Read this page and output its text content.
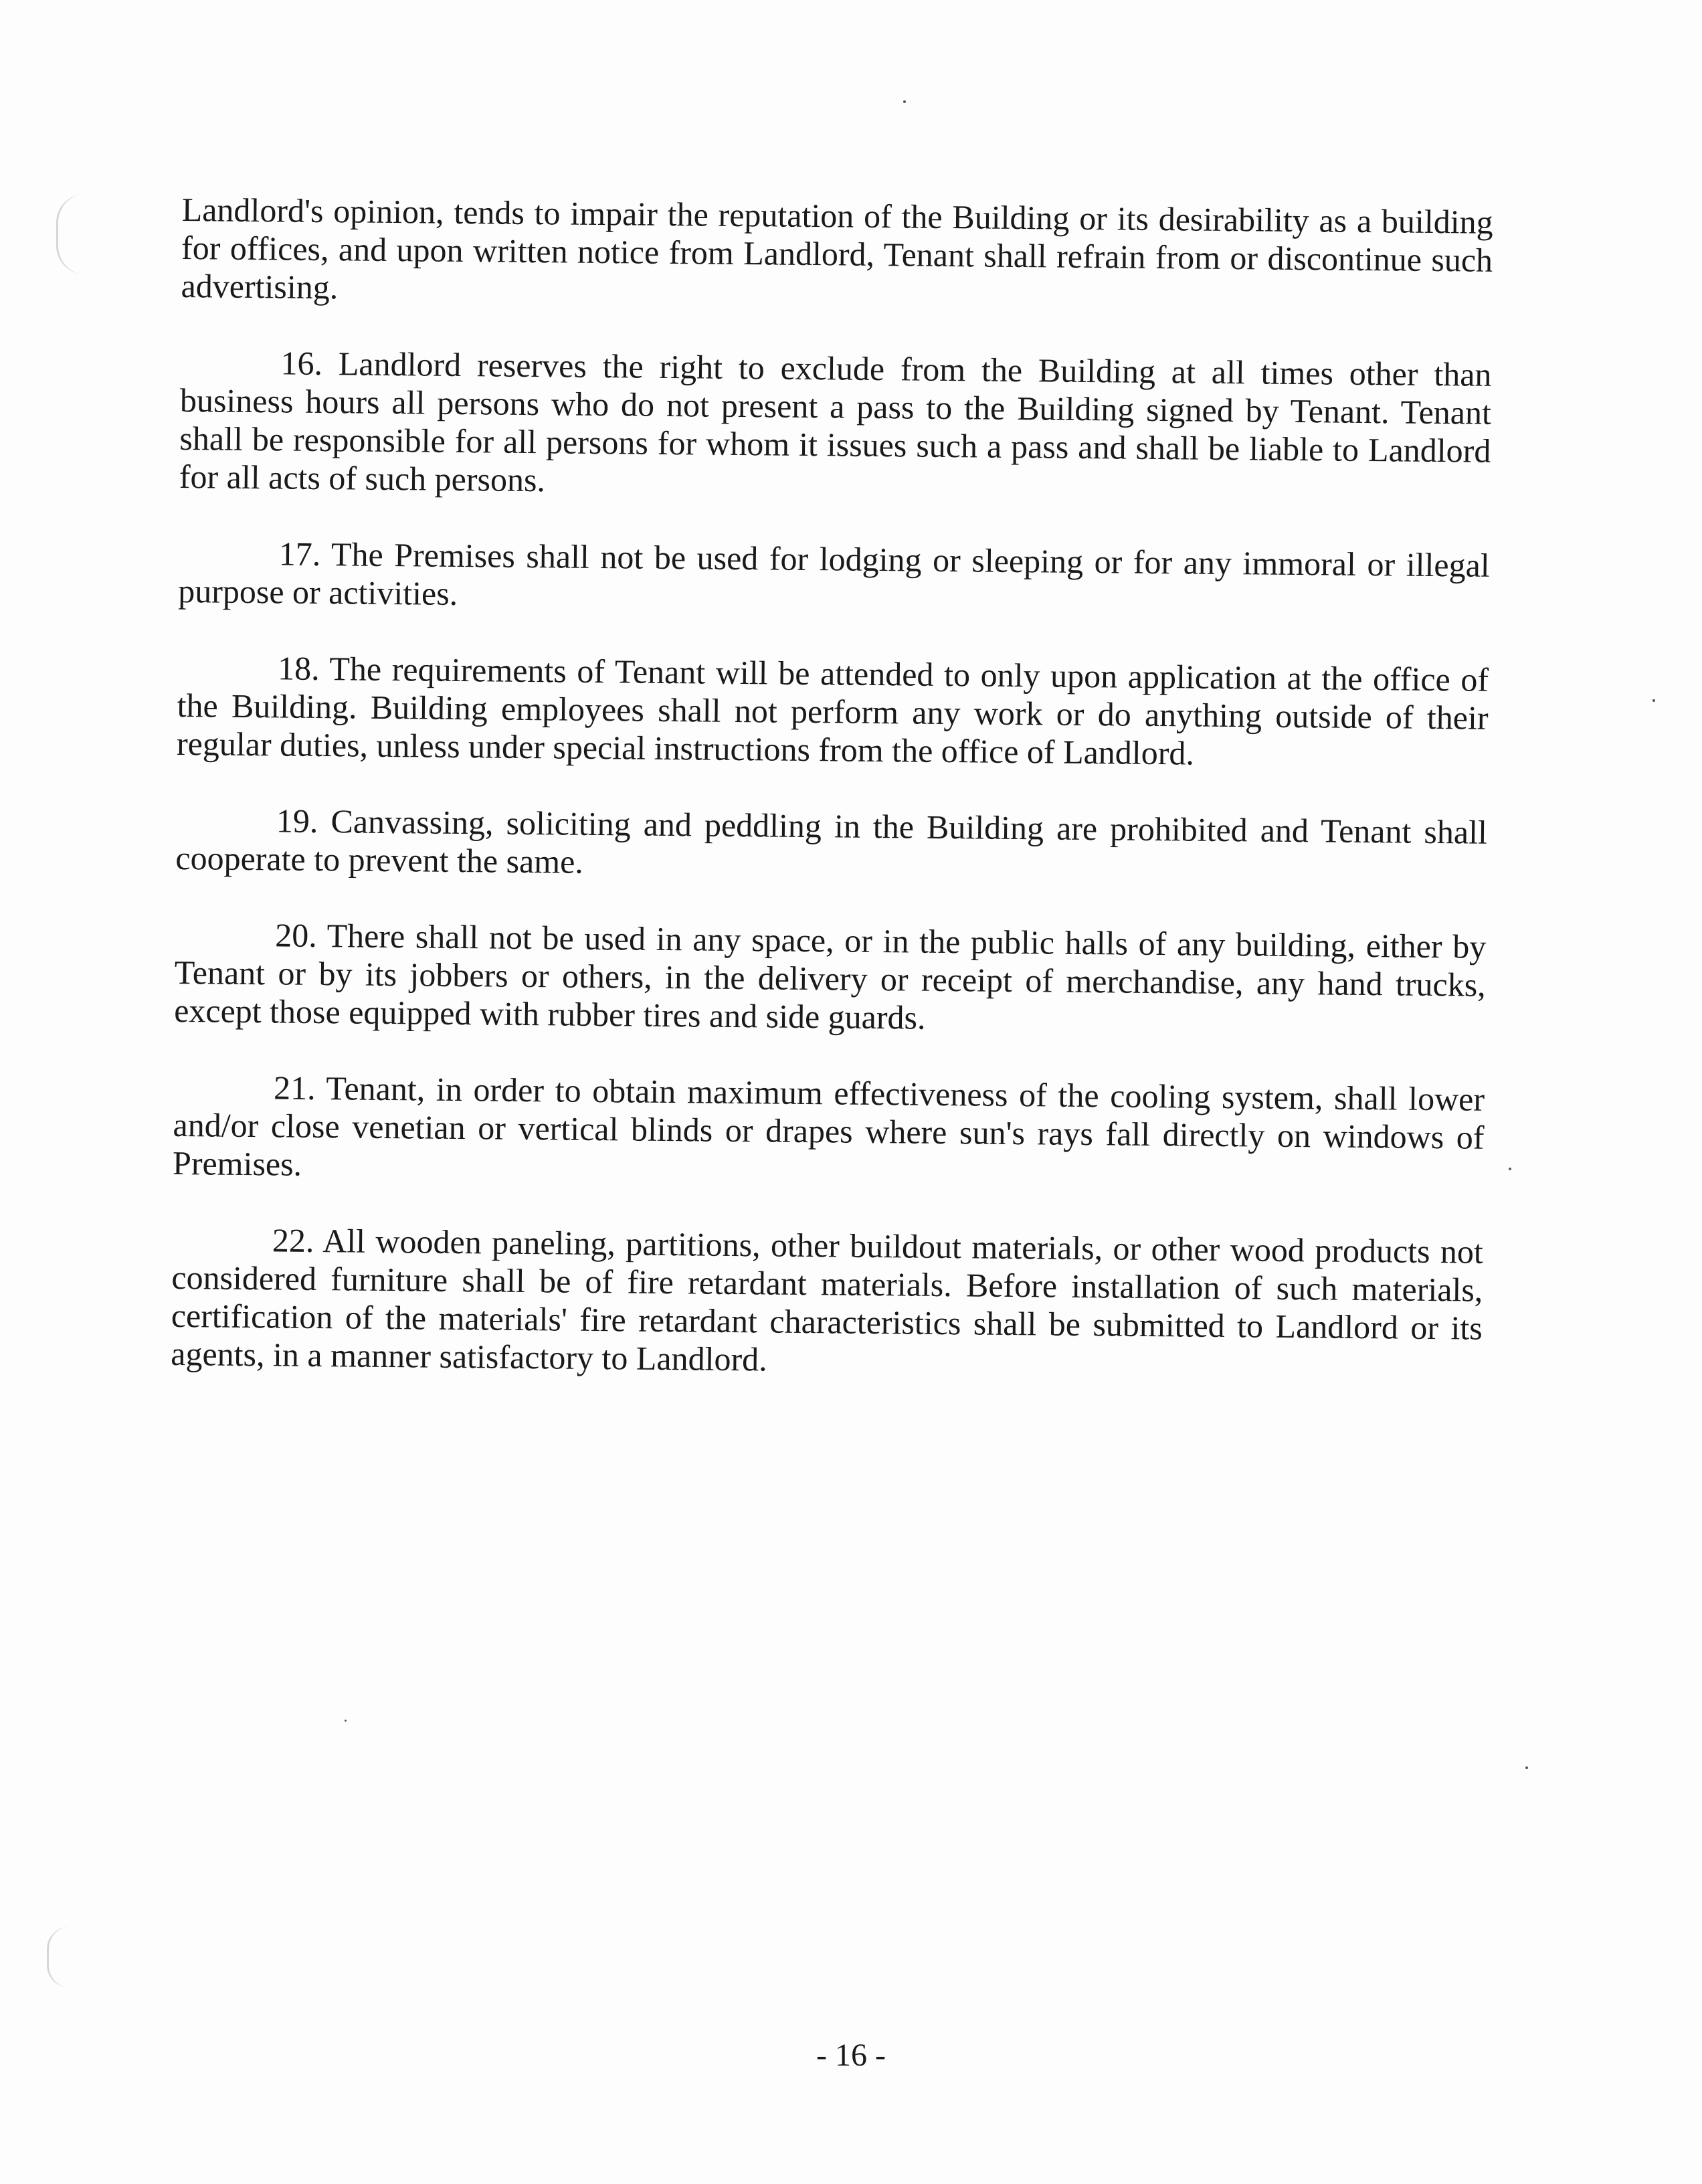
Landlord's opinion, tends to impair the reputation of the Building or its desirability as a building for offices, and upon written notice from Landlord, Tenant shall refrain from or discontinue such advertising.

16. Landlord reserves the right to exclude from the Building at all times other than business hours all persons who do not present a pass to the Building signed by Tenant. Tenant shall be responsible for all persons for whom it issues such a pass and shall be liable to Landlord for all acts of such persons.

17. The Premises shall not be used for lodging or sleeping or for any immoral or illegal purpose or activities.

18. The requirements of Tenant will be attended to only upon application at the office of the Building. Building employees shall not perform any work or do anything outside of their regular duties, unless under special instructions from the office of Landlord.

19. Canvassing, soliciting and peddling in the Building are prohibited and Tenant shall cooperate to prevent the same.

20. There shall not be used in any space, or in the public halls of any building, either by Tenant or by its jobbers or others, in the delivery or receipt of merchandise, any hand trucks, except those equipped with rubber tires and side guards.

21. Tenant, in order to obtain maximum effectiveness of the cooling system, shall lower and/or close venetian or vertical blinds or drapes where sun's rays fall directly on windows of Premises.

22. All wooden paneling, partitions, other buildout materials, or other wood products not considered furniture shall be of fire retardant materials. Before installation of such materials, certification of the materials' fire retardant characteristics shall be submitted to Landlord or its agents, in a manner satisfactory to Landlord.

- 16 -
